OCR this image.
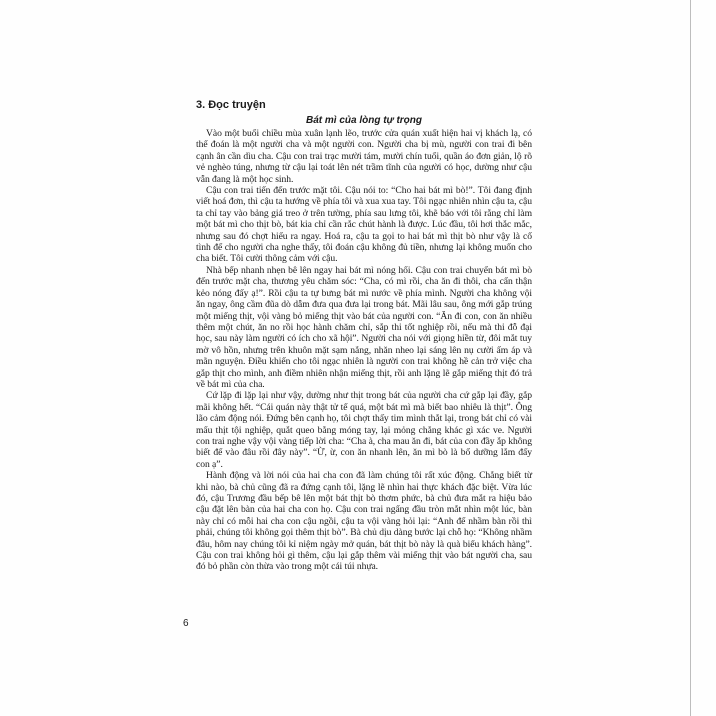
3. Đọc truyện
Bát mì của lòng tự trọng

Vào một buổi chiều mùa xuân lạnh lẽo, trước cửa quán xuất hiện hai vị khách lạ, có thể đoán là một người cha và một người con. Người cha bị mù, người con trai đi bên cạnh ân cần dìu cha. Cậu con trai trạc mười tám, mười chín tuổi, quần áo đơn giản, lộ rõ vẻ nghèo túng, nhưng từ cậu lại toát lên nét trầm tĩnh của người có học, dường như cậu vẫn đang là một học sinh.

Cậu con trai tiến đến trước mặt tôi. Cậu nói to: “Cho hai bát mì bò!”. Tôi đang định viết hoá đơn, thì cậu ta hướng về phía tôi và xua xua tay. Tôi ngạc nhiên nhìn cậu ta, cậu ta chỉ tay vào bảng giá treo ở trên tường, phía sau lưng tôi, khẽ báo với tôi rằng chỉ làm một bát mì cho thịt bò, bát kia chỉ cần rắc chút hành là được. Lúc đầu, tôi hơi thắc mắc, nhưng sau đó chợt hiểu ra ngay. Hoá ra, cậu ta gọi to hai bát mì thịt bò như vậy là cố tình để cho người cha nghe thấy, tôi đoán cậu không đủ tiền, nhưng lại không muốn cho cha biết. Tôi cười thông cảm với cậu.

Nhà bếp nhanh nhẹn bê lên ngay hai bát mì nóng hổi. Cậu con trai chuyển bát mì bò đến trước mặt cha, thương yêu chăm sóc: “Cha, có mì rồi, cha ăn đi thôi, cha cẩn thận kẻo nóng đấy ạ!”. Rồi cậu ta tự bưng bát mì nước về phía mình. Người cha không vội ăn ngay, ông cầm đũa dò dẫm đưa qua đưa lại trong bát. Mãi lâu sau, ông mới gắp trúng một miếng thịt, vội vàng bỏ miếng thịt vào bát của người con. “Ăn đi con, con ăn nhiều thêm một chút, ăn no rồi học hành chăm chỉ, sắp thi tốt nghiệp rồi, nếu mà thi đỗ đại học, sau này làm người có ích cho xã hội”. Người cha nói với giọng hiền từ, đôi mắt tuy mờ vô hồn, nhưng trên khuôn mặt sạm nắng, nhăn nheo lại sáng lên nụ cười ấm áp và mãn nguyện. Điều khiến cho tôi ngạc nhiên là người con trai không hề cản trở việc cha gắp thịt cho mình, anh điềm nhiên nhận miếng thịt, rồi anh lặng lẽ gắp miếng thịt đó trả về bát mì của cha.

Cứ lặp đi lặp lại như vậy, dường như thịt trong bát của người cha cứ gắp lại đầy, gắp mãi không hết. “Cái quán này thật tử tế quá, một bát mì mà biết bao nhiêu là thịt”. Ông lão cảm động nói. Đứng bên cạnh họ, tôi chợt thấy tim mình thắt lại, trong bát chỉ có vài mẩu thịt tội nghiệp, quắt queo bằng móng tay, lại mỏng chẳng khác gì xác ve. Người con trai nghe vậy vội vàng tiếp lời cha: “Cha à, cha mau ăn đi, bát của con đầy ắp không biết để vào đâu rồi đây này”. “Ừ, ừ, con ăn nhanh lên, ăn mì bò là bổ dưỡng lắm đấy con ạ”.

Hành động và lời nói của hai cha con đã làm chúng tôi rất xúc động. Chẳng biết từ khi nào, bà chủ cũng đã ra đứng cạnh tôi, lặng lẽ nhìn hai thực khách đặc biệt. Vừa lúc đó, cậu Trương đầu bếp bê lên một bát thịt bò thơm phức, bà chủ đưa mắt ra hiệu bảo cậu đặt lên bàn của hai cha con họ. Cậu con trai ngẩng đầu tròn mắt nhìn một lúc, bàn này chỉ có mỗi hai cha con cậu ngồi, cậu ta vội vàng hỏi lại: “Anh để nhầm bàn rồi thì phải, chúng tôi không gọi thêm thịt bò”. Bà chủ dịu dàng bước lại chỗ họ: “Không nhầm đâu, hôm nay chúng tôi kỉ niệm ngày mở quán, bát thịt bò này là quà biếu khách hàng”. Cậu con trai không hỏi gì thêm, cậu lại gắp thêm vài miếng thịt vào bát người cha, sau đó bỏ phần còn thừa vào trong một cái túi nhựa.

6
